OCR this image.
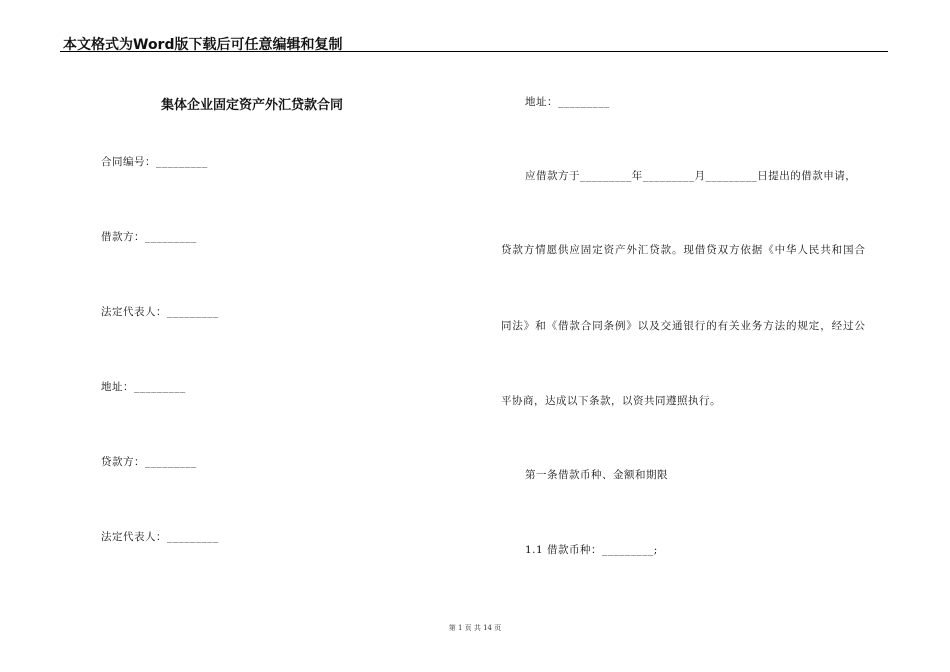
本文格式为Word版下载后可任意编辑和复制
集体企业固定资产外汇贷款合同
合同编号：_________
借款方：_________
法定代表人：_________
地址：_________
贷款方：_________
法定代表人：_________
地址：_________
应借款方于_________年_________月_________日提出的借款申请，
贷款方情愿供应固定资产外汇贷款。现借贷双方依据《中华人民共和国合
同法》和《借款合同条例》以及交通银行的有关业务方法的规定，经过公
平协商，达成以下条款，以资共同遵照执行。
第一条借款币种、金额和期限
1.1 借款币种：_________;
第 1 页 共 14 页
